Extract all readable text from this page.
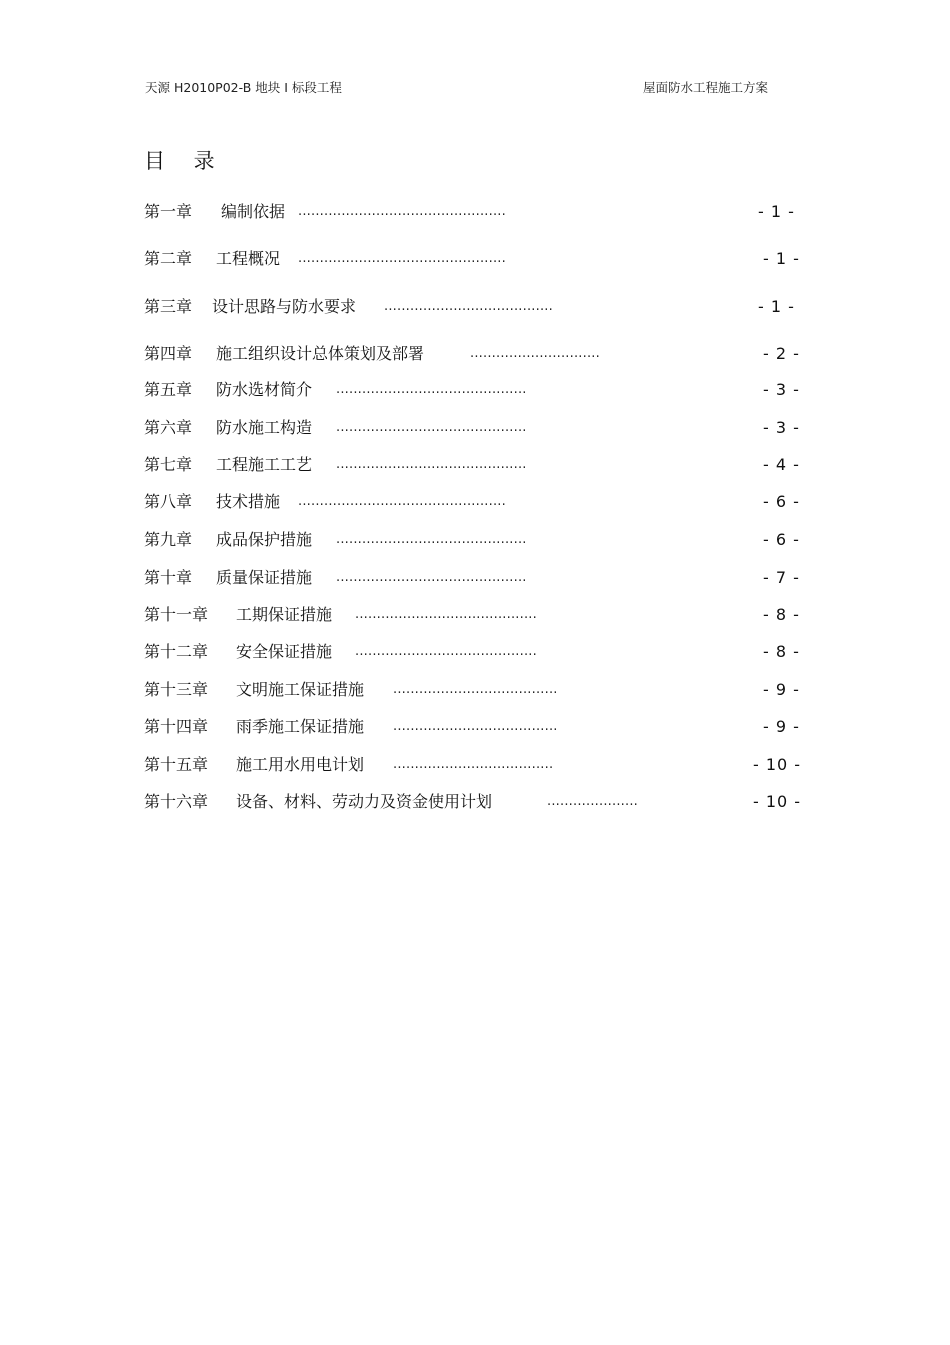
天源 H2010P02-B 地块 I 标段工程	屋面防水工程施工方案
目 录
第一章 编制依据 ................................................	- 1 -
第二章 工程概况 ................................................	- 1 -
第三章 设计思路与防水要求 .......................................	- 1 -
第四章 施工组织设计总体策划及部署	..............................	- 2 -
第五章 防水选材简介 ............................................	- 3 -
第六章 防水施工构造 ............................................	- 3 -
第七章 工程施工工艺 ............................................	- 4 -
第八章 技术措施 ................................................	- 6 -
第九章 成品保护措施 ............................................	- 6 -
第十章 质量保证措施 ............................................	- 7 -
第十一章 工期保证措施 ..........................................	- 8 -
第十二章 安全保证措施 ..........................................	- 8 -
第十三章 文明施工保证措施 ......................................	- 9 -
第十四章 雨季施工保证措施 ......................................	- 9 -
第十五章 施工用水用电计划 .....................................	- 10 -
第十六章 设备、材料、劳动力及资金使用计划	.....................	- 10 -
